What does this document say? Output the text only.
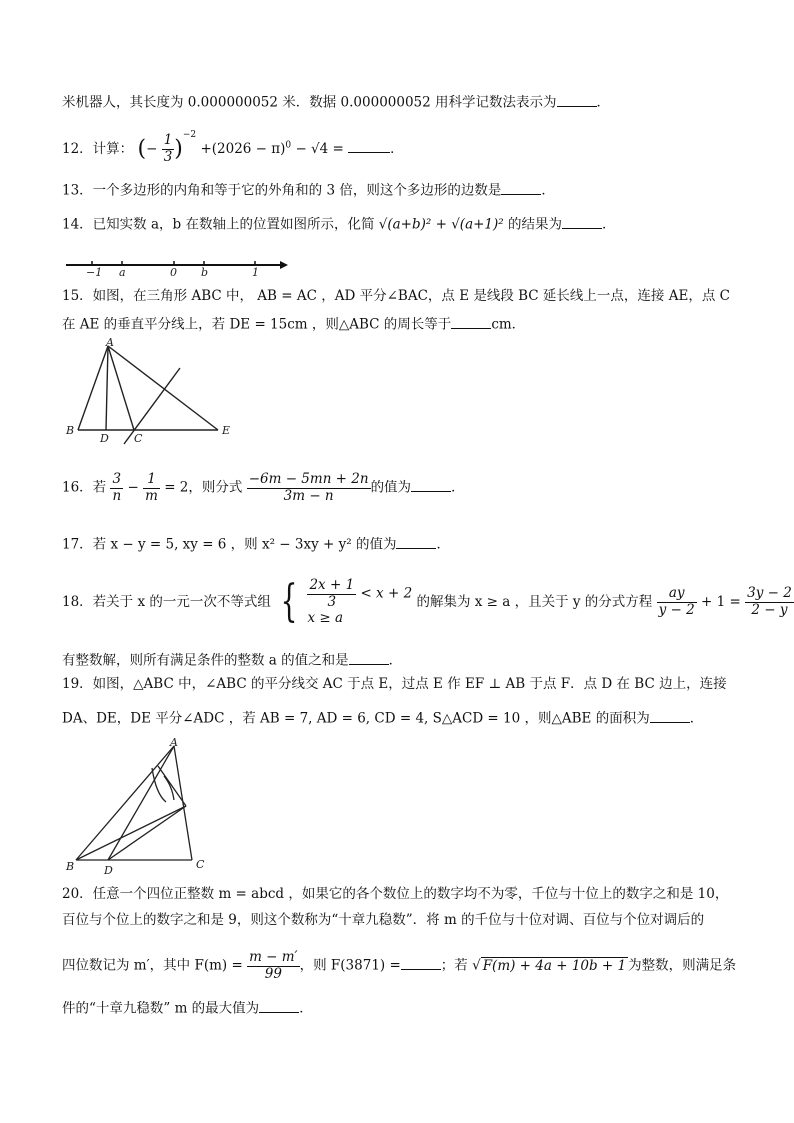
米机器人，其长度为 0.000000052 米．数据 0.000000052 用科学记数法表示为	．
12．计算： (− $\frac{1}{3} )^{-2} +(2026 - \pi)^0 - √4$ =	．
13．一个多边形的内角和等于它的外角和的 3 倍，则这个多边形的边数是	．
14．已知实数 a，b 在数轴上的位置如图所示，化简 √(a+b)² + √(a+1)² 的结果为	．
−1 a	0 b	1
15．如图，在三角形 ABC 中， AB = AC ，AD 平分∠BAC，点 E 是线段 BC 延长线上一点，连接 AE，点 C
在 AE 的垂直平分线上，若 DE = 15cm ，则△ABC 的周长等于	cm．
A
B
D C
E
16．若 $\frac{3}{n} - \frac{1}{m} = 2$，则分式 $\frac{-6m - 5mn + 2n}{3m - n}$ 的值为	．
17．若 x − y = 5, xy = 6 ，则 x² − 3xy + y² 的值为	．
18．若关于 x 的一元一次不等式组 { $\frac{2x + 1}{3} < x + 2$
x ≥ a
的解集为 x ≥ a ，且关于 y 的分式方程 $\frac{ay}{y - 2} + 1 = \frac{3y - 2}{2 - y}$
有整数解，则所有满足条件的整数 a 的值之和是	．
19．如图，△ABC 中，∠ABC 的平分线交 AC 于点 E，过点 E 作 EF ⊥ AB 于点 F．点 D 在 BC 边上，连接
DA、DE，DE 平分∠ADC ，若 AB = 7, AD = 6, CD = 4, S△ACD = 10 ，则△ABE 的面积为	．
A
B	D	C
20．任意一个四位正整数 m = abcd ，如果它的各个数位上的数字均不为零，千位与十位上的数字之和是 10，
百位与个位上的数字之和是 9，则这个数称为“十章九稳数”．将 m 的千位与十位对调、百位与个位对调后的
四位数记为 m′，其中 $F(m) = \frac{m - m'}{99}$ ，则 F(3871) =	；若 √ F(m) + 4a + 10b + 1 为整数，则满足条
件的“十章九稳数” m 的最大值为	．
